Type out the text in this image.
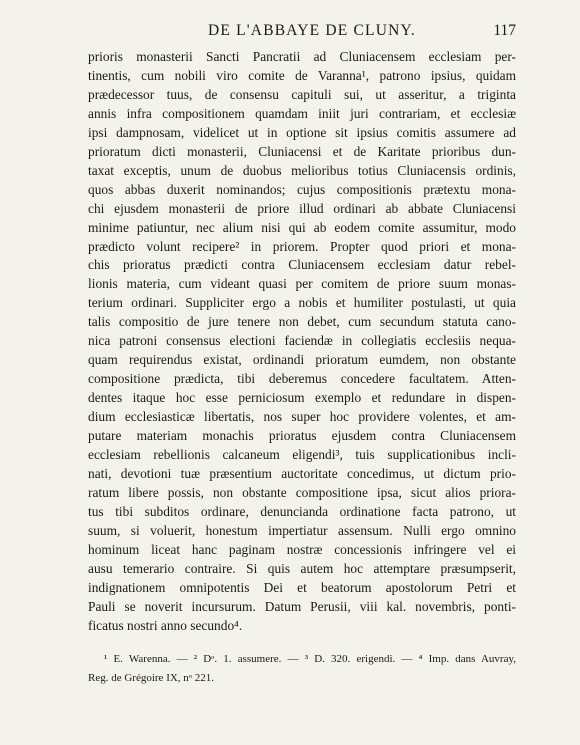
DE L'ABBAYE DE CLUNY.	117
prioris monasterii Sancti Pancratii ad Cluniacensem ecclesiam per-
tinentis, cum nobili viro comite de Varanna¹, patrono ipsius, quidam
prædecessor tuus, de consensu capituli sui, ut asseritur, a triginta
annis infra compositionem quamdam iniit juri contrariam, et ecclesiæ
ipsi dampnosam, videlicet ut in optione sit ipsius comitis assumere ad
prioratum dicti monasterii, Cluniacensi et de Karitate prioribus dun-
taxat exceptis, unum de duobus melioribus totius Cluniacensis ordinis,
quos abbas duxerit nominandos; cujus compositionis prætextu mona-
chi ejusdem monasterii de priore illud ordinari ab abbate Cluniacensi
minime patiuntur, nec alium nisi qui ab eodem comite assumitur, modo
prædicto volunt recipere² in priorem. Propter quod priori et mona-
chis prioratus prædicti contra Cluniacensem ecclesiam datur rebel-
lionis materia, cum videant quasi per comitem de priore suum monas-
terium ordinari. Suppliciter ergo a nobis et humiliter postulasti, ut quia
talis compositio de jure tenere non debet, cum secundum statuta cano-
nica patroni consensus electioni faciendæ in collegiatis ecclesiis nequa-
quam requirendus existat, ordinandi prioratum eumdem, non obstante
compositione prædicta, tibi deberemus concedere facultatem. Atten-
dentes itaque hoc esse perniciosum exemplo et redundare in dispen-
dium ecclesiasticæ libertatis, nos super hoc providere volentes, et am-
putare materiam monachis prioratus ejusdem contra Cluniacensem
ecclesiam rebellionis calcaneum eligendi³, tuis supplicationibus incli-
nati, devotioni tuæ præsentium auctoritate concedimus, ut dictum prio-
ratum libere possis, non obstante compositione ipsa, sicut alios priora-
tus tibi subditos ordinare, denuncianda ordinatione facta patrono, ut
suum, si voluerit, honestum impertiatur assensum. Nulli ergo omnino
hominum liceat hanc paginam nostræ concessionis infringere vel ei
ausu temerario contraire. Si quis autem hoc attemptare præsumpserit,
indignationem omnipotentis Dei et beatorum apostolorum Petri et
Pauli se noverit incursurum. Datum Perusii, viii kal. novembris, ponti-
ficatus nostri anno secundo⁴.
¹ E. Warenna. — ² Dᵒ. 1. assumere. — ³ D. 320. erigendi. — ⁴ Imp. dans Auvray,
Reg. de Grégoire IX, nᵒ 221.
